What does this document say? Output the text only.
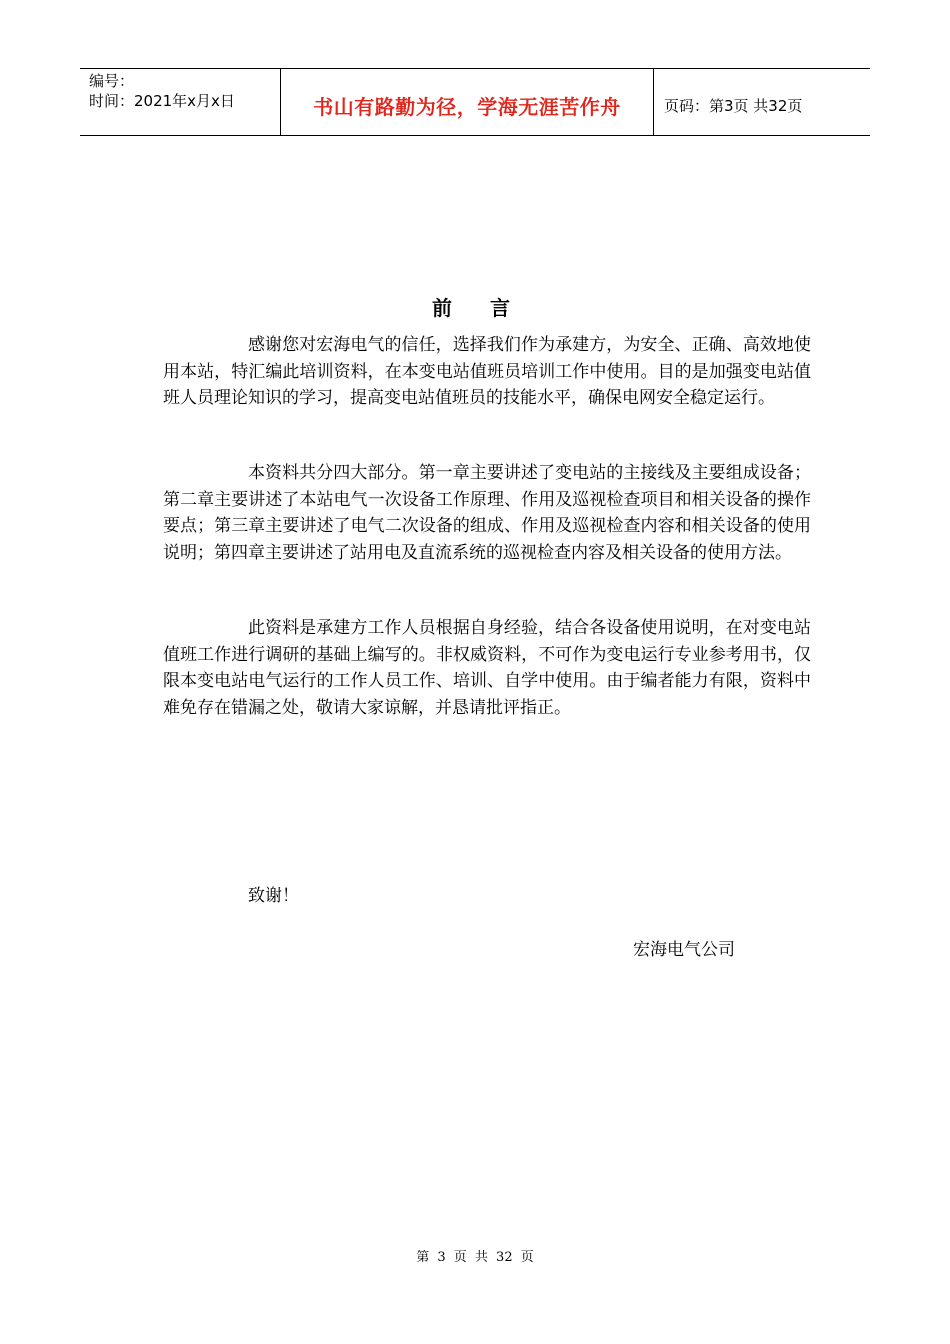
编号：
时间：2021年x月x日	书山有路勤为径，学海无涯苦作舟	页码：第3页 共32页
前  言

感谢您对宏海电气的信任，选择我们作为承建方，为安全、正确、高效地使用本站，特汇编此培训资料，在本变电站值班员培训工作中使用。目的是加强变电站值班人员理论知识的学习，提高变电站值班员的技能水平，确保电网安全稳定运行。

本资料共分四大部分。第一章主要讲述了变电站的主接线及主要组成设备；第二章主要讲述了本站电气一次设备工作原理、作用及巡视检查项目和相关设备的操作要点；第三章主要讲述了电气二次设备的组成、作用及巡视检查内容和相关设备的使用说明；第四章主要讲述了站用电及直流系统的巡视检查内容及相关设备的使用方法。

此资料是承建方工作人员根据自身经验，结合各设备使用说明，在对变电站值班工作进行调研的基础上编写的。非权威资料，不可作为变电运行专业参考用书，仅限本变电站电气运行的工作人员工作、培训、自学中使用。由于编者能力有限，资料中难免存在错漏之处，敬请大家谅解，并恳请批评指正。

致谢！
宏海电气公司
第 3 页 共 32 页
